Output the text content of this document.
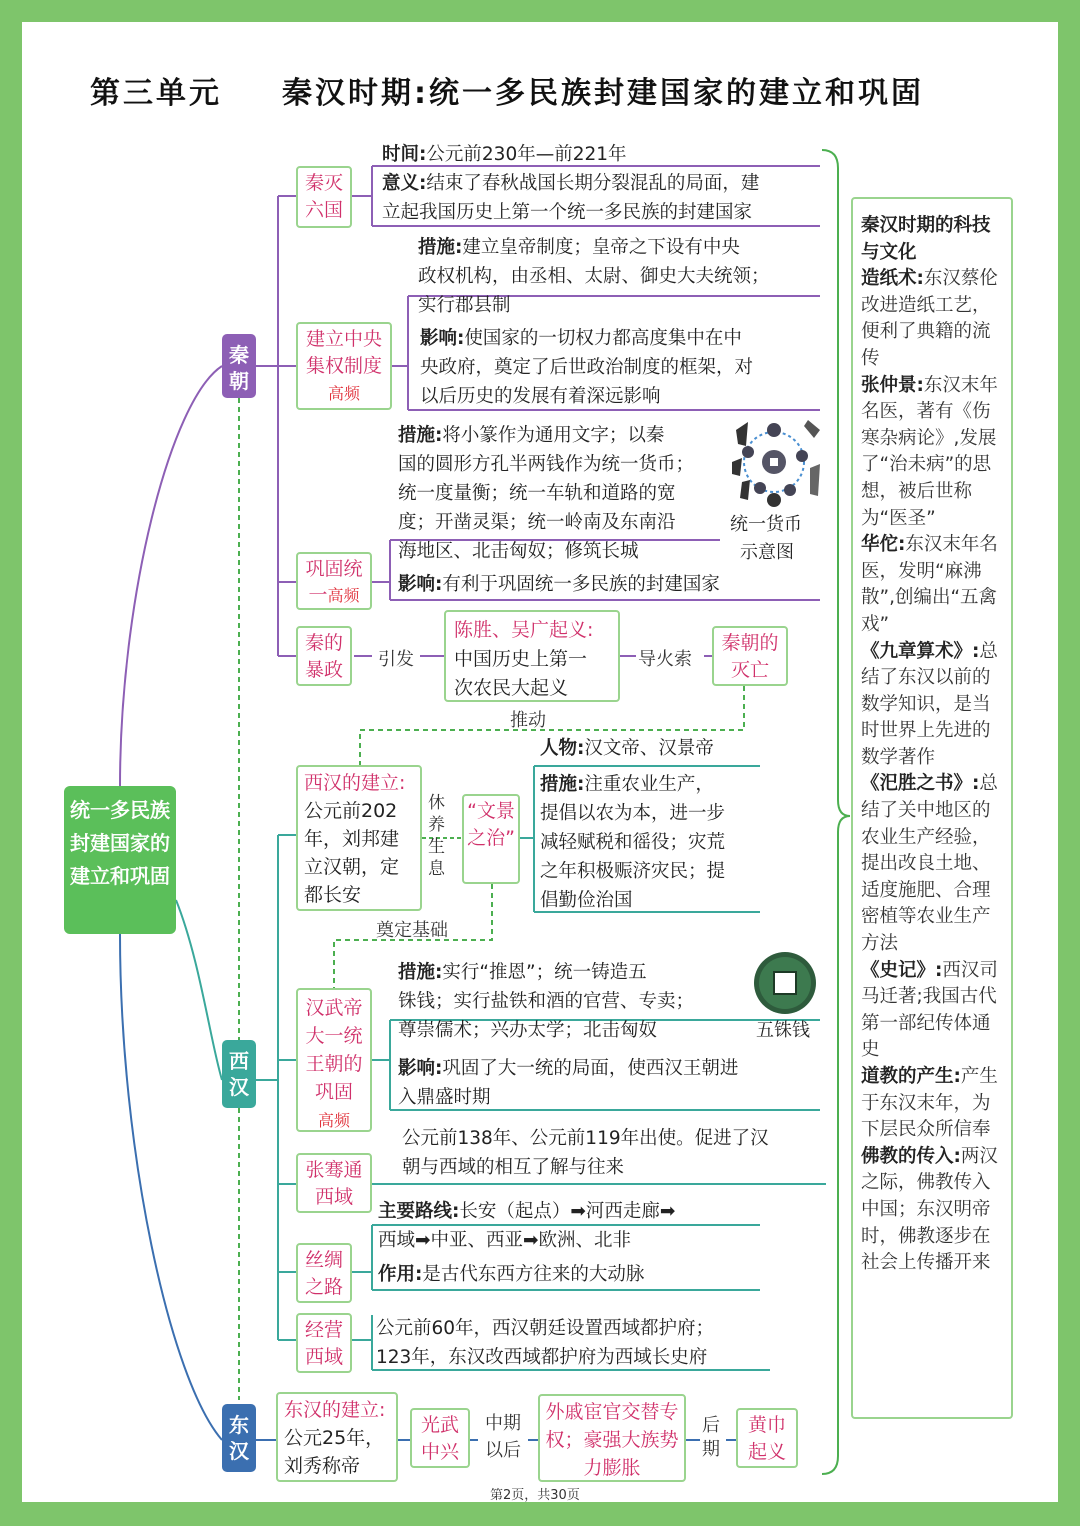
第三单元 秦汉时期:统一多民族封建国家的建立和巩固
统一多民族封建国家的建立和巩固
秦朝
西汉
东汉
秦灭六国
时间:公元前230年—前221年
意义:结束了春秋战国长期分裂混乱的局面，建
立起我国历史上第一个统一多民族的封建国家
建立中央集权制度高频
措施:建立皇帝制度；皇帝之下设有中央
政权机构，由丞相、太尉、御史大夫统领；
实行郡县制
影响:使国家的一切权力都高度集中在中
央政府，奠定了后世政治制度的框架，对
以后历史的发展有着深远影响
巩固统一高频
措施:将小篆作为通用文字；以秦
国的圆形方孔半两钱作为统一货币；
统一度量衡；统一车轨和道路的宽
度；开凿灵渠；统一岭南及东南沿
海地区、北击匈奴；修筑长城
统一货币
示意图
影响:有利于巩固统一多民族的封建国家
秦的暴政	引发
陈胜、吴广起义:
中国历史上第一
次农民大起义
导火索
秦朝的灭亡
推动
西汉的建立:
公元前202
年，刘邦建
立汉朝，定
都长安
休养生息
“文景之治”
人物:汉文帝、汉景帝
措施:注重农业生产，
提倡以农为本，进一步
减轻赋税和徭役；灾荒
之年积极赈济灾民；提
倡勤俭治国
奠定基础
汉武帝大一统王朝的巩固
高频
措施:实行“推恩”；统一铸造五
铢钱；实行盐铁和酒的官营、专卖；
尊崇儒术；兴办太学；北击匈奴	五铢钱
影响:巩固了大一统的局面，使西汉王朝进
入鼎盛时期
张骞通西域
公元前138年、公元前119年出使。促进了汉
朝与西域的相互了解与往来
丝绸之路
主要路线:长安（起点）➡河西走廊➡
西域➡中亚、西亚➡欧洲、北非
作用:是古代东西方往来的大动脉
经营西域
公元前60年，西汉朝廷设置西域都护府；
123年，东汉改西域都护府为西域长史府
东汉的建立:
公元25年，
刘秀称帝
光武中兴
中期以后
外戚宦官交替专权；豪强大族势力膨胀
后期
黄巾起义
秦汉时期的科技与文化
造纸术:东汉蔡伦改进造纸工艺，便利了典籍的流传
张仲景:东汉末年名医，著有《伤寒杂病论》,发展了“治未病”的思想，被后世称为“医圣”
华佗:东汉末年名医，发明“麻沸散”,创编出“五禽戏”
《九章算术》:总结了东汉以前的数学知识，是当时世界上先进的数学著作
《汜胜之书》:总结了关中地区的农业生产经验，提出改良土地、适度施肥、合理密植等农业生产方法
《史记》:西汉司马迁著;我国古代第一部纪传体通史
道教的产生:产生于东汉末年，为下层民众所信奉
佛教的传入:两汉之际，佛教传入中国；东汉明帝时，佛教逐步在社会上传播开来
第2页，共30页
